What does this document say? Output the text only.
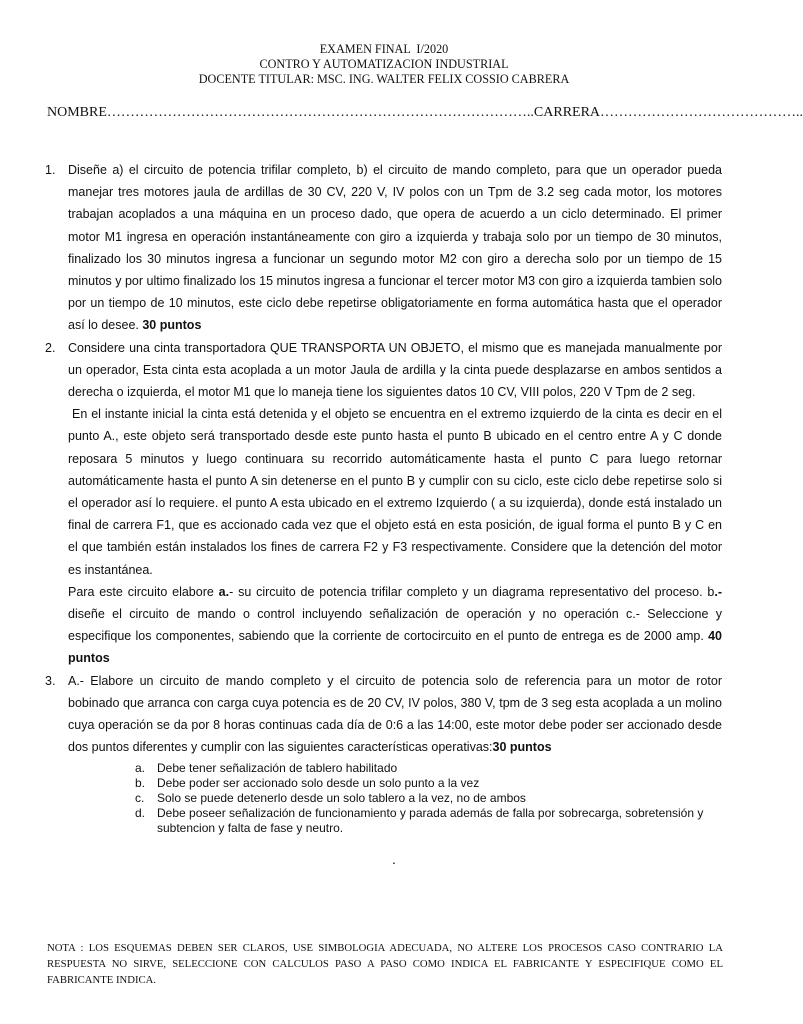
EXAMEN FINAL  I/2020
CONTRO Y AUTOMATIZACION INDUSTRIAL
DOCENTE TITULAR: MSC. ING. WALTER FELIX COSSIO CABRERA
NOMBRE………………………………………………………………………………..CARRERA……………………………………..
1.	Diseñe a) el circuito de potencia trifilar completo, b) el circuito de mando completo, para que un operador pueda manejar tres motores jaula de ardillas de 30 CV, 220 V, IV polos con un Tpm de 3.2 seg cada motor, los motores trabajan acoplados a una máquina en un proceso dado, que opera de acuerdo a un ciclo determinado. El primer motor M1 ingresa en operación instantáneamente con giro a izquierda y trabaja solo por un tiempo de 30 minutos, finalizado los 30 minutos ingresa a funcionar un segundo motor M2 con giro a derecha solo por un tiempo de 15 minutos y por ultimo finalizado los 15 minutos ingresa a funcionar el tercer motor M3 con giro a izquierda tambien solo por un tiempo de 10 minutos, este ciclo debe repetirse obligatoriamente en forma automática hasta que el operador así lo desee. 30 puntos

2.	Considere una cinta transportadora QUE TRANSPORTA UN OBJETO, el mismo que es manejada manualmente por un operador, Esta cinta esta acoplada a un motor Jaula de ardilla y la cinta puede desplazarse en ambos sentidos a derecha o izquierda, el motor M1 que lo maneja tiene los siguientes datos 10 CV, VIII polos, 220 V Tpm de 2 seg.

En el instante inicial la cinta está detenida y el objeto se encuentra en el extremo izquierdo de la cinta es decir en el punto A., este objeto será transportado desde este punto hasta el punto B ubicado en el centro entre A y C donde reposara 5 minutos y luego continuara su recorrido automáticamente hasta el punto C para luego retornar automáticamente hasta el punto A sin detenerse en el punto B y cumplir con su ciclo, este ciclo debe repetirse solo si el operador así lo requiere. el punto A esta ubicado en el extremo Izquierdo ( a su izquierda), donde está instalado un final de carrera F1, que es accionado cada vez que el objeto está en esta posición, de igual forma el punto B y C en el que también están instalados los fines de carrera F2 y F3 respectivamente. Considere que la detención del motor es instantánea.

Para este circuito elabore a.- su circuito de potencia trifilar completo y un diagrama representativo del proceso. b.- diseñe el circuito de mando o control incluyendo señalización de operación y no operación c.- Seleccione y especifique los componentes, sabiendo que la corriente de cortocircuito en el punto de entrega es de 2000 amp. 40 puntos

3.	A.- Elabore un circuito de mando completo y el circuito de potencia solo de referencia para un motor de rotor bobinado que arranca con carga cuya potencia es de 20 CV, IV polos, 380 V, tpm de 3 seg esta acoplada a un molino cuya operación se da por 8 horas continuas cada día de 0:6 a las 14:00, este motor debe poder ser accionado desde dos puntos diferentes y cumplir con las siguientes características operativas:30 puntos

a. Debe tener señalización de tablero habilitado
b. Debe poder ser accionado solo desde un solo punto a la vez
c.	Solo se puede detenerlo desde un solo tablero a la vez, no de ambos
d. Debe poseer señalización de funcionamiento y parada además de falla por sobrecarga, sobretensión y subtencion y falta de fase y neutro.
.
NOTA : LOS ESQUEMAS DEBEN SER CLAROS, USE SIMBOLOGIA ADECUADA, NO ALTERE LOS PROCESOS CASO CONTRARIO LA RESPUESTA NO SIRVE, SELECCIONE CON CALCULOS PASO A PASO COMO INDICA EL FABRICANTE Y ESPECIFIQUE COMO EL FABRICANTE INDICA.
